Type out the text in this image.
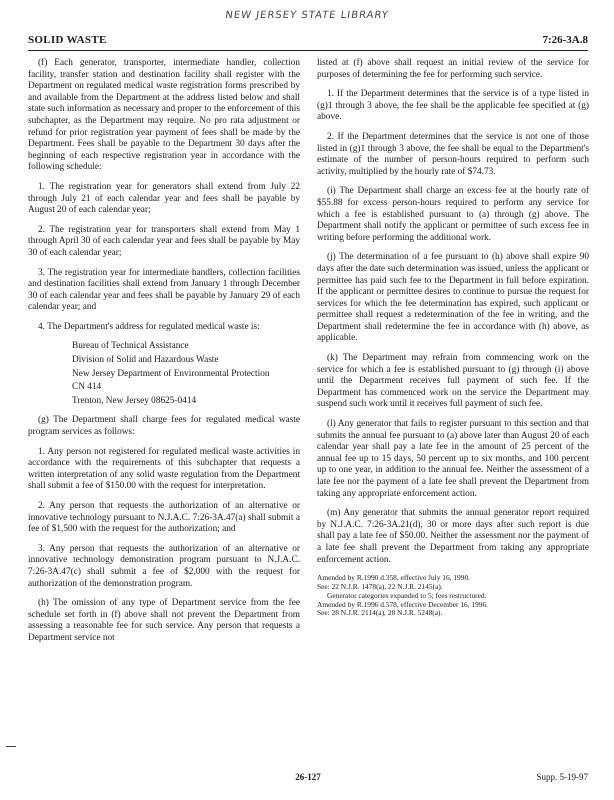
NEW JERSEY STATE LIBRARY
SOLID WASTE	7:26-3A.8

(f) Each generator, transporter, intermediate handler, collection facility, transfer station and destination facility shall register with the Department on regulated medical waste registration forms prescribed by and available from the Department at the address listed below and shall state such information as necessary and proper to the enforcement of this subchapter, as the Department may require. No pro rata adjustment or refund for prior registration year payment of fees shall be made by the Department. Fees shall be payable to the Department 30 days after the beginning of each respective registration year in accordance with the following schedule:

1. The registration year for generators shall extend from July 22 through July 21 of each calendar year and fees shall be payable by August 20 of each calendar year;

2. The registration year for transporters shall extend from May 1 through April 30 of each calendar year and fees shall be payable by May 30 of each calendar year;

3. The registration year for intermediate handlers, collection facilities and destination facilities shall extend from January 1 through December 30 of each calendar year and fees shall be payable by January 29 of each calendar year; and

4. The Department's address for regulated medical waste is:

Bureau of Technical Assistance
Division of Solid and Hazardous Waste
New Jersey Department of Environmental Protection
CN 414
Trenton, New Jersey 08625-0414

(g) The Department shall charge fees for regulated medical waste program services as follows:

1. Any person not registered for regulated medical waste activities in accordance with the requirements of this subchapter that requests a written interpretation of any solid waste regulation from the Department shall submit a fee of $150.00 with the request for interpretation.

2. Any person that requests the authorization of an alternative or innovative technology pursuant to N.J.A.C. 7:26-3A.47(a) shall submit a fee of $1,500 with the request for the authorization; and

3. Any person that requests the authorization of an alternative or innovative technology demonstration program pursuant to N.J.A.C. 7:26-3A.47(c) shall submit a fee of $2,000 with the request for authorization of the demonstration program.

(h) The omission of any type of Department service from the fee schedule set forth in (f) above shall not prevent the Department from assessing a reasonable fee for such service. Any person that requests a Department service not

listed at (f) above shall request an initial review of the service for purposes of determining the fee for performing such service.

1. If the Department determines that the service is of a type listed in (g)1 through 3 above, the fee shall be the applicable fee specified at (g) above.

2. If the Department determines that the service is not one of those listed in (g)1 through 3 above, the fee shall be equal to the Department's estimate of the number of person-hours required to perform such activity, multiplied by the hourly rate of $74.73.

(i) The Department shall charge an excess fee at the hourly rate of $55.88 for excess person-hours required to perform any service for which a fee is established pursuant to (a) through (g) above. The Department shall notify the applicant or permittee of such excess fee in writing before performing the additional work.

(j) The determination of a fee pursuant to (h) above shall expire 90 days after the date such determination was issued, unless the applicant or permittee has paid such fee to the Department in full before expiration. If the applicant or permittee desires to continue to pursue the request for services for which the fee determination has expired, such applicant or permittee shall request a redetermination of the fee in writing, and the Department shall redetermine the fee in accordance with (h) above, as applicable.

(k) The Department may refrain from commencing work on the service for which a fee is established pursuant to (g) through (i) above until the Department receives full payment of such fee. If the Department has commenced work on the service the Department may suspend such work until it receives full payment of such fee.

(l) Any generator that fails to register pursuant to this section and that submits the annual fee pursuant to (a) above later than August 20 of each calendar year shall pay a late fee in the amount of 25 percent of the annual fee up to 15 days, 50 percent up to six months, and 100 percent up to one year, in addition to the annual fee. Neither the assessment of a late fee nor the payment of a late fee shall prevent the Department from taking any appropriate enforcement action.

(m) Any generator that submits the annual generator report required by N.J.A.C. 7:26-3A.21(d), 30 or more days after such report is due shall pay a late fee of $50.00. Neither the assessment nor the payment of a late fee shall prevent the Department from taking any appropriate enforcement action.

Amended by R.1990 d.358, effective July 16, 1990.
See: 22 N.J.R. 1478(a), 22 N.J.R. 2145(a).
Generator categories expanded to 5; fees restructured.
Amended by R.1996 d.578, effective December 16, 1996.
See: 28 N.J.R. 2114(a), 28 N.J.R. 5248(a).
26-127	Supp. 5-19-97
